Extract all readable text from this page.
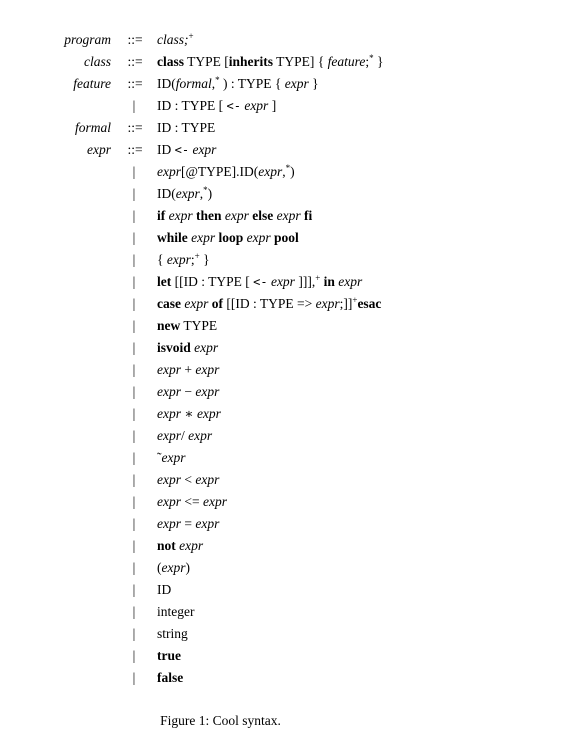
program ::= class;+
class ::= class TYPE [inherits TYPE] { feature;* }
feature ::= ID(formal,* ) : TYPE { expr }
|	ID : TYPE [ <- expr ]
formal ::= ID : TYPE
expr ::= ID <- expr
|	expr[@TYPE].ID(expr,*)
|	ID(expr,*)
|	if expr then expr else expr fi
|	while expr loop expr pool
|	{ expr;+ }
|	let [[ID : TYPE [ <- expr ]]],+ in expr
|	case expr of [[ID : TYPE => expr;]]+esac
|	new TYPE
|	isvoid expr
|	expr + expr
|	expr − expr
|	expr ∗ expr
|	expr/ expr
|	˜expr
|	expr < expr
|	expr <= expr
|	expr = expr
|	not expr
|	(expr)
|	ID
|	integer
|	string
|	true
|	false
Figure 1: Cool syntax.
